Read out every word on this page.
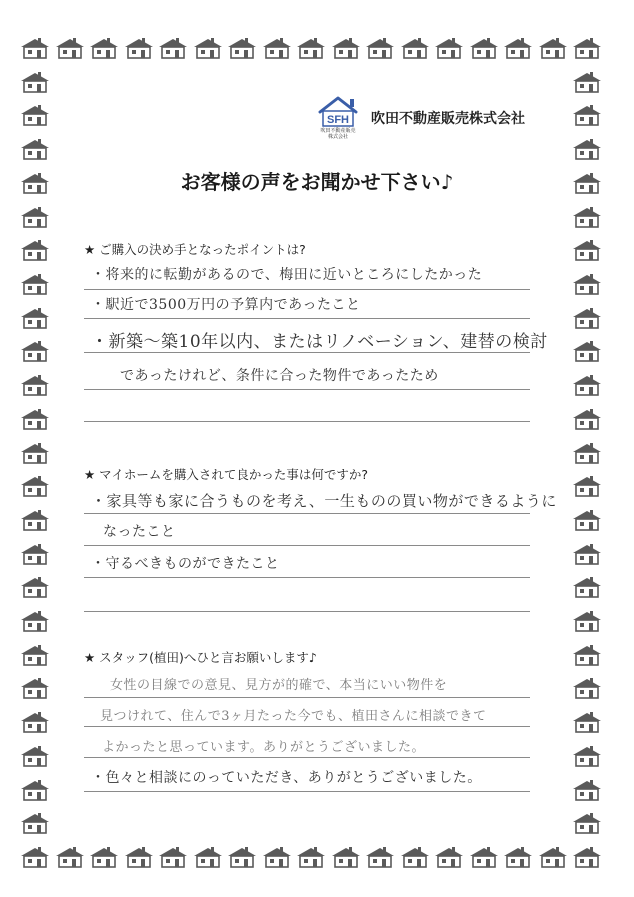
SFH
吹田不動産販売
株式会社
吹田不動産販売株式会社
お客様の声をお聞かせ下さい♪
★ ご購入の決め手となったポイントは?
・将来的に転勤があるので、梅田に近いところにしたかった
・駅近で3500万円の予算内であったこと
・新築〜築10年以内、またはリノベーション、建替の検討
であったけれど、条件に合った物件であったため
★ マイホームを購入されて良かった事は何ですか?
・家具等も家に合うものを考え、一生ものの買い物ができるように
なったこと
・守るべきものができたこと
★ スタッフ(植田)へひと言お願いします♪
女性の目線での意見、見方が的確で、本当にいい物件を
見つけれて、住んで3ヶ月たった今でも、植田さんに相談できて
よかったと思っています。ありがとうございました。
・色々と相談にのっていただき、ありがとうございました。
